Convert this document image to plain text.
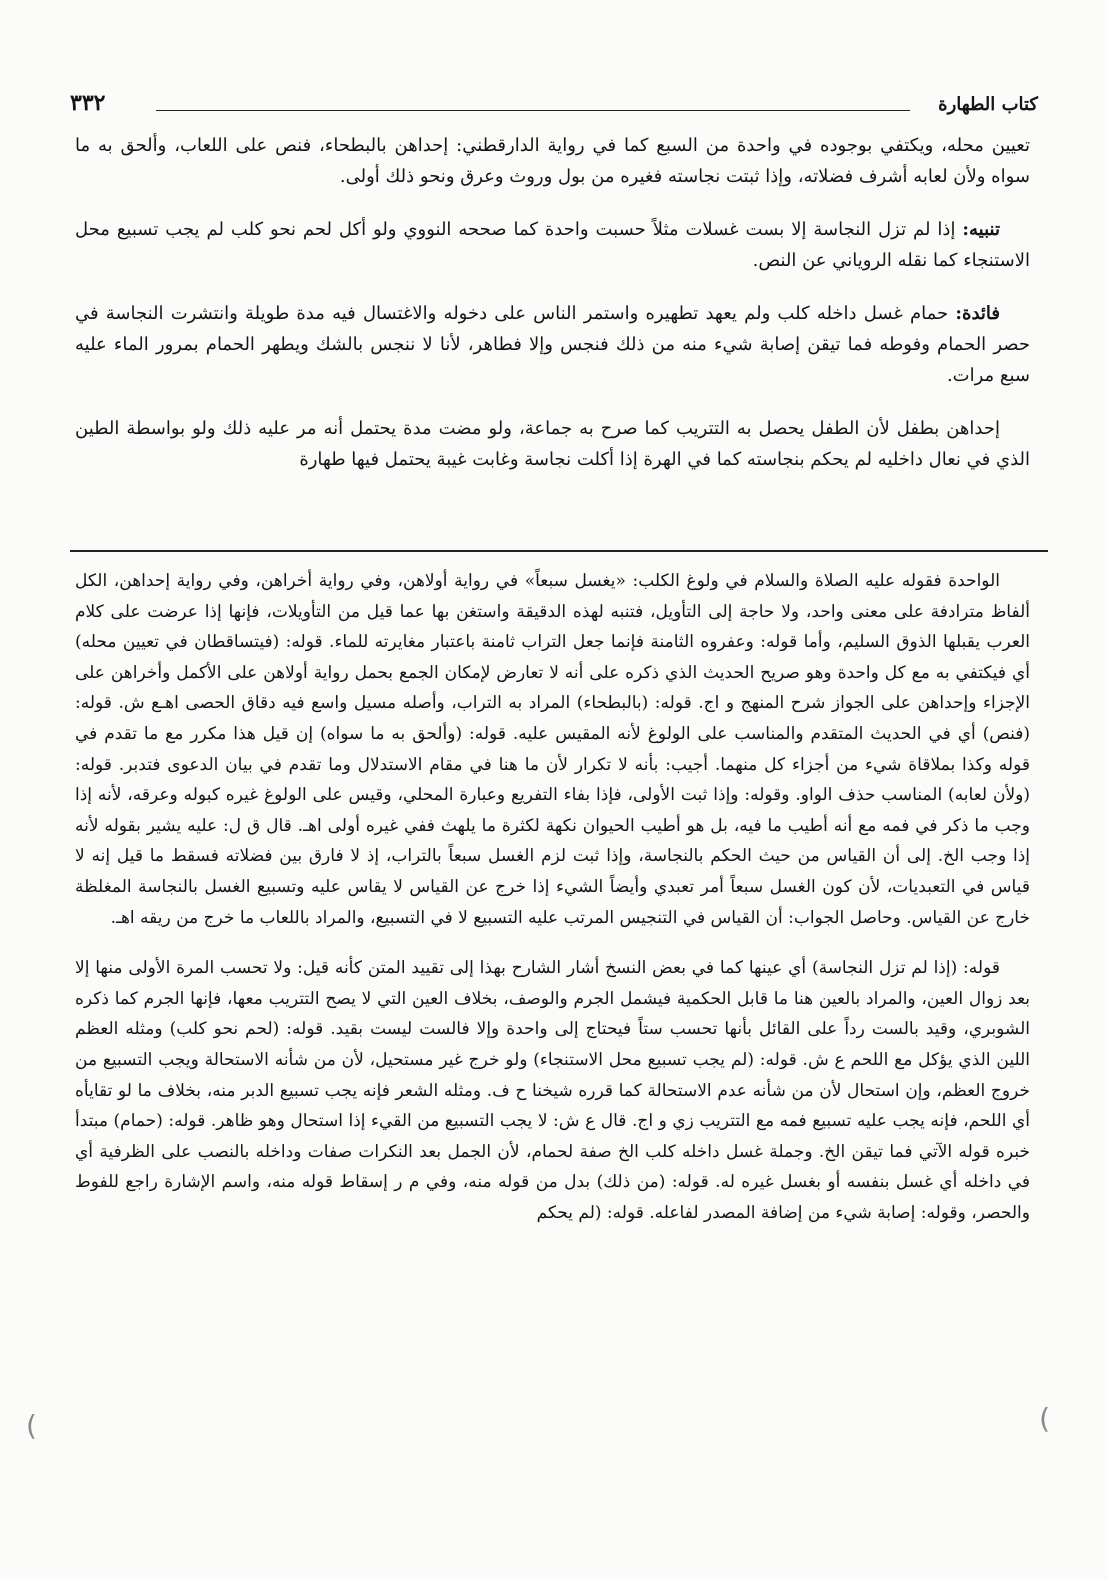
كتاب الطهارة
٣٣٢

تعيين محله، ويكتفي بوجوده في واحدة من السبع كما في رواية الدارقطني: إحداهن بالبطحاء، فنص على اللعاب، وألحق به ما سواه ولأن لعابه أشرف فضلاته، وإذا ثبتت نجاسته فغيره من بول وروث وعرق ونحو ذلك أولى.

تنبيه: إذا لم تزل النجاسة إلا بست غسلات مثلاً حسبت واحدة كما صححه النووي ولو أكل لحم نحو كلب لم يجب تسبيع محل الاستنجاء كما نقله الروياني عن النص.

فائدة: حمام غسل داخله كلب ولم يعهد تطهيره واستمر الناس على دخوله والاغتسال فيه مدة طويلة وانتشرت النجاسة في حصر الحمام وفوطه فما تيقن إصابة شيء منه من ذلك فنجس وإلا فطاهر، لأنا لا ننجس بالشك ويطهر الحمام بمرور الماء عليه سبع مرات.

إحداهن بطفل لأن الطفل يحصل به التتريب كما صرح به جماعة، ولو مضت مدة يحتمل أنه مر عليه ذلك ولو بواسطة الطين الذي في نعال داخليه لم يحكم بنجاسته كما في الهرة إذا أكلت نجاسة وغابت غيبة يحتمل فيها طهارة

الواحدة فقوله عليه الصلاة والسلام في ولوغ الكلب: «يغسل سبعاً» في رواية أولاهن، وفي رواية أخراهن، وفي رواية إحداهن، الكل ألفاظ مترادفة على معنى واحد، ولا حاجة إلى التأويل، فتنبه لهذه الدقيقة واستغن بها عما قيل من التأويلات، فإنها إذا عرضت على كلام العرب يقبلها الذوق السليم، وأما قوله: وعفروه الثامنة فإنما جعل التراب ثامنة باعتبار مغايرته للماء. قوله: (فيتساقطان في تعيين محله) أي فيكتفي به مع كل واحدة وهو صريح الحديث الذي ذكره على أنه لا تعارض لإمكان الجمع بحمل رواية أولاهن على الأكمل وأخراهن على الإجزاء وإحداهن على الجواز شرح المنهج و اج. قوله: (بالبطحاء) المراد به التراب، وأصله مسيل واسع فيه دقاق الحصى اهـع ش. قوله: (فنص) أي في الحديث المتقدم والمناسب على الولوغ لأنه المقيس عليه. قوله: (وألحق به ما سواه) إن قيل هذا مكرر مع ما تقدم في قوله وكذا بملاقاة شيء من أجزاء كل منهما. أجيب: بأنه لا تكرار لأن ما هنا في مقام الاستدلال وما تقدم في بيان الدعوى فتدبر. قوله: (ولأن لعابه) المناسب حذف الواو. وقوله: وإذا ثبت الأولى، فإذا بفاء التفريع وعبارة المحلي، وقيس على الولوغ غيره كبوله وعرقه، لأنه إذا وجب ما ذكر في فمه مع أنه أطيب ما فيه، بل هو أطيب الحيوان نكهة لكثرة ما يلهث ففي غيره أولى اهـ. قال ق ل: عليه يشير بقوله لأنه إذا وجب الخ. إلى أن القياس من حيث الحكم بالنجاسة، وإذا ثبت لزم الغسل سبعاً بالتراب، إذ لا فارق بين فضلاته فسقط ما قيل إنه لا قياس في التعبديات، لأن كون الغسل سبعاً أمر تعبدي وأيضاً الشيء إذا خرج عن القياس لا يقاس عليه وتسبيع الغسل بالنجاسة المغلظة خارج عن القياس. وحاصل الجواب: أن القياس في التنجيس المرتب عليه التسبيع لا في التسبيع، والمراد باللعاب ما خرج من ريقه اهـ.

قوله: (إذا لم تزل النجاسة) أي عينها كما في بعض النسخ أشار الشارح بهذا إلى تقييد المتن كأنه قيل: ولا تحسب المرة الأولى منها إلا بعد زوال العين، والمراد بالعين هنا ما قابل الحكمية فيشمل الجرم والوصف، بخلاف العين التي لا يصح التتريب معها، فإنها الجرم كما ذكره الشوبري، وقيد بالست رداً على القائل بأنها تحسب ستاً فيحتاج إلى واحدة وإلا فالست ليست بقيد. قوله: (لحم نحو كلب) ومثله العظم اللين الذي يؤكل مع اللحم ع ش. قوله: (لم يجب تسبيع محل الاستنجاء) ولو خرج غير مستحيل، لأن من شأنه الاستحالة ويجب التسبيع من خروج العظم، وإن استحال لأن من شأنه عدم الاستحالة كما قرره شيخنا ح ف. ومثله الشعر فإنه يجب تسبيع الدبر منه، بخلاف ما لو تقايأه أي اللحم، فإنه يجب عليه تسبيع فمه مع التتريب زي و اج. قال ع ش: لا يجب التسبيع من القيء إذا استحال وهو ظاهر. قوله: (حمام) مبتدأ خبره قوله الآتي فما تيقن الخ. وجملة غسل داخله كلب الخ صفة لحمام، لأن الجمل بعد النكرات صفات وداخله بالنصب على الظرفية أي في داخله أي غسل بنفسه أو بغسل غيره له. قوله: (من ذلك) بدل من قوله منه، وفي م ر إسقاط قوله منه، واسم الإشارة راجع للفوط والحصر، وقوله: إصابة شيء من إضافة المصدر لفاعله. قوله: (لم يحكم

(
(
